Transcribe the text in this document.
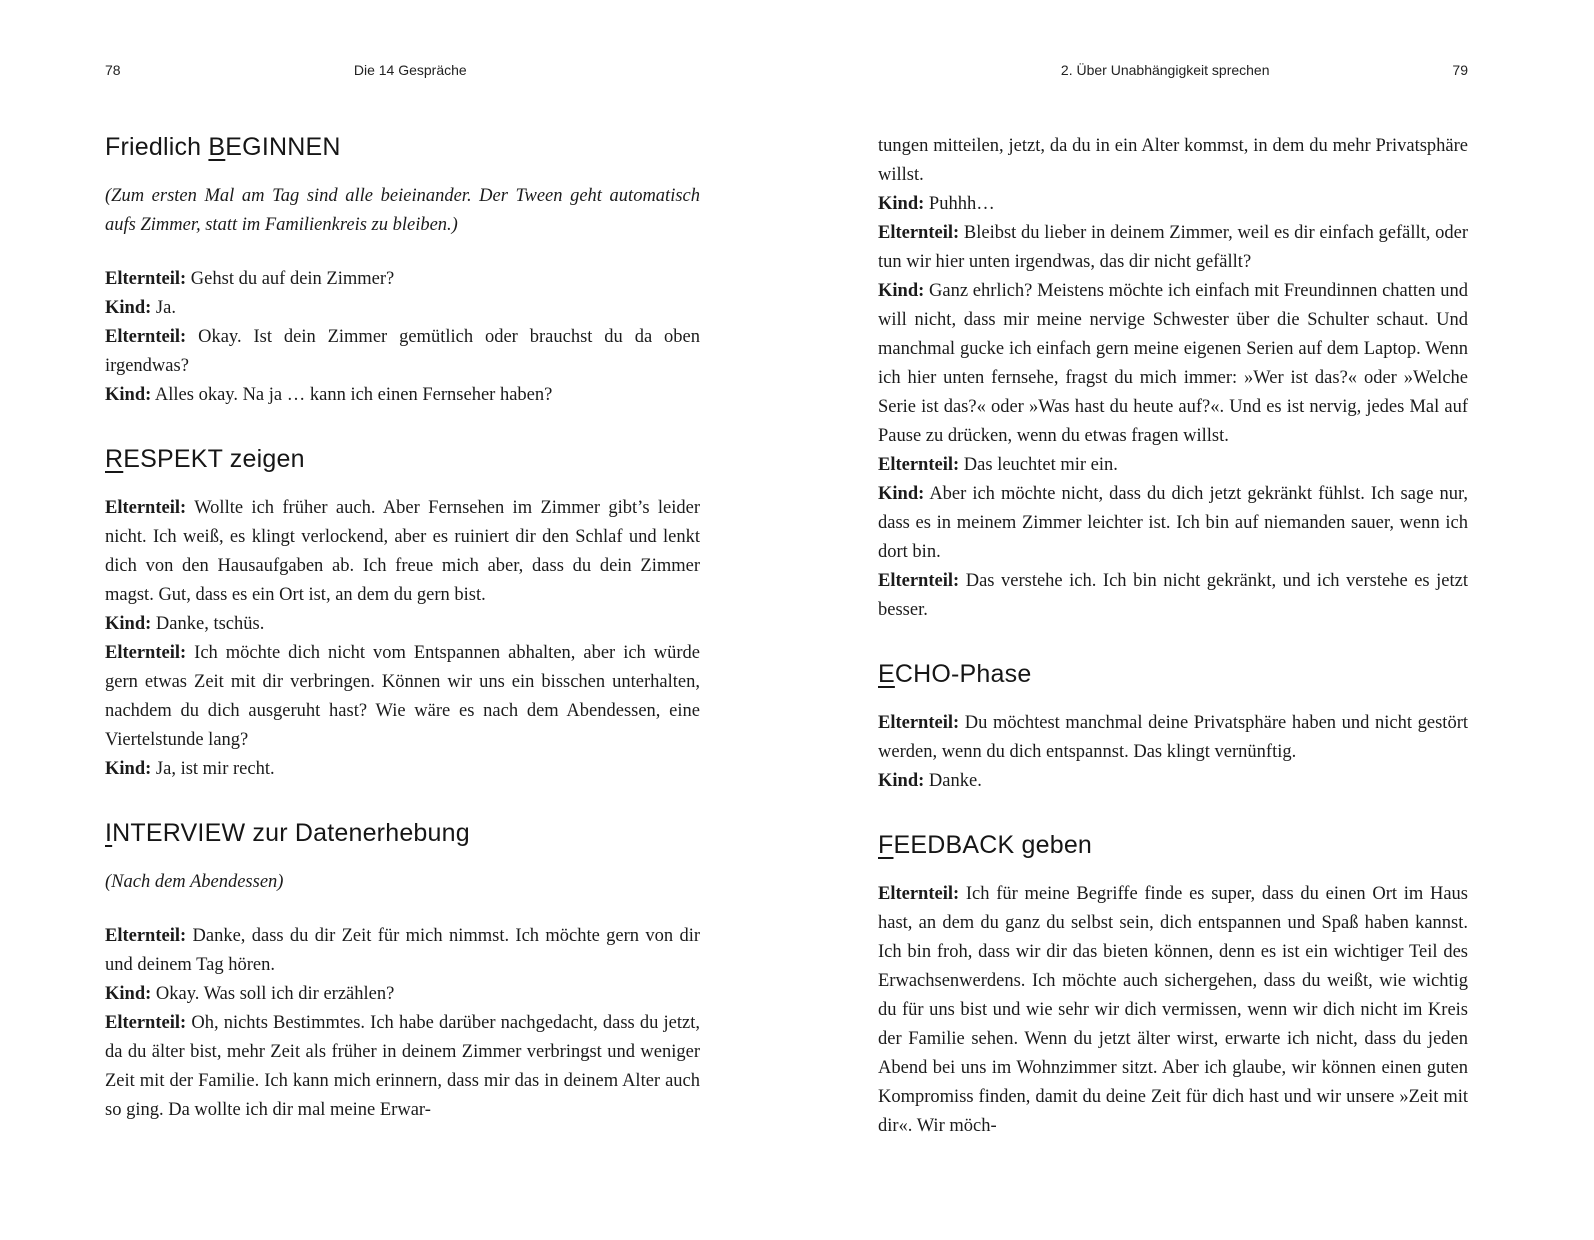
78	Die 14 Gespräche
Friedlich BEGINNEN

(Zum ersten Mal am Tag sind alle beieinander. Der Tween geht automatisch aufs Zimmer, statt im Familienkreis zu bleiben.)

Elternteil: Gehst du auf dein Zimmer?

Kind: Ja.

Elternteil: Okay. Ist dein Zimmer gemütlich oder brauchst du da oben irgendwas?

Kind: Alles okay. Na ja … kann ich einen Fernseher haben?

RESPEKT zeigen

Elternteil: Wollte ich früher auch. Aber Fernsehen im Zimmer gibt’s leider nicht. Ich weiß, es klingt verlockend, aber es ruiniert dir den Schlaf und lenkt dich von den Hausaufgaben ab. Ich freue mich aber, dass du dein Zimmer magst. Gut, dass es ein Ort ist, an dem du gern bist.

Kind: Danke, tschüs.

Elternteil: Ich möchte dich nicht vom Entspannen abhalten, aber ich würde gern etwas Zeit mit dir verbringen. Können wir uns ein bisschen unterhalten, nachdem du dich ausgeruht hast? Wie wäre es nach dem Abendessen, eine Viertelstunde lang?

Kind: Ja, ist mir recht.

INTERVIEW zur Datenerhebung

(Nach dem Abendessen)

Elternteil: Danke, dass du dir Zeit für mich nimmst. Ich möchte gern von dir und deinem Tag hören.

Kind: Okay. Was soll ich dir erzählen?

Elternteil: Oh, nichts Bestimmtes. Ich habe darüber nachgedacht, dass du jetzt, da du älter bist, mehr Zeit als früher in deinem Zimmer verbringst und weniger Zeit mit der Familie. Ich kann mich erinnern, dass mir das in deinem Alter auch so ging. Da wollte ich dir mal meine Erwar-

2. Über Unabhängigkeit sprechen	79

tungen mitteilen, jetzt, da du in ein Alter kommst, in dem du mehr Privatsphäre willst.

Kind: Puhhh…

Elternteil: Bleibst du lieber in deinem Zimmer, weil es dir einfach gefällt, oder tun wir hier unten irgendwas, das dir nicht gefällt?

Kind: Ganz ehrlich? Meistens möchte ich einfach mit Freundinnen chatten und will nicht, dass mir meine nervige Schwester über die Schulter schaut. Und manchmal gucke ich einfach gern meine eigenen Serien auf dem Laptop. Wenn ich hier unten fernsehe, fragst du mich immer: »Wer ist das?« oder »Welche Serie ist das?« oder »Was hast du heute auf?«. Und es ist nervig, jedes Mal auf Pause zu drücken, wenn du etwas fragen willst.

Elternteil: Das leuchtet mir ein.

Kind: Aber ich möchte nicht, dass du dich jetzt gekränkt fühlst. Ich sage nur, dass es in meinem Zimmer leichter ist. Ich bin auf niemanden sauer, wenn ich dort bin.

Elternteil: Das verstehe ich. Ich bin nicht gekränkt, und ich verstehe es jetzt besser.

ECHO-Phase

Elternteil: Du möchtest manchmal deine Privatsphäre haben und nicht gestört werden, wenn du dich entspannst. Das klingt vernünftig.

Kind: Danke.

FEEDBACK geben

Elternteil: Ich für meine Begriffe finde es super, dass du einen Ort im Haus hast, an dem du ganz du selbst sein, dich entspannen und Spaß haben kannst. Ich bin froh, dass wir dir das bieten können, denn es ist ein wichtiger Teil des Erwachsenwerdens. Ich möchte auch sichergehen, dass du weißt, wie wichtig du für uns bist und wie sehr wir dich vermissen, wenn wir dich nicht im Kreis der Familie sehen. Wenn du jetzt älter wirst, erwarte ich nicht, dass du jeden Abend bei uns im Wohnzimmer sitzt. Aber ich glaube, wir können einen guten Kompromiss finden, damit du deine Zeit für dich hast und wir unsere »Zeit mit dir«. Wir möch-
